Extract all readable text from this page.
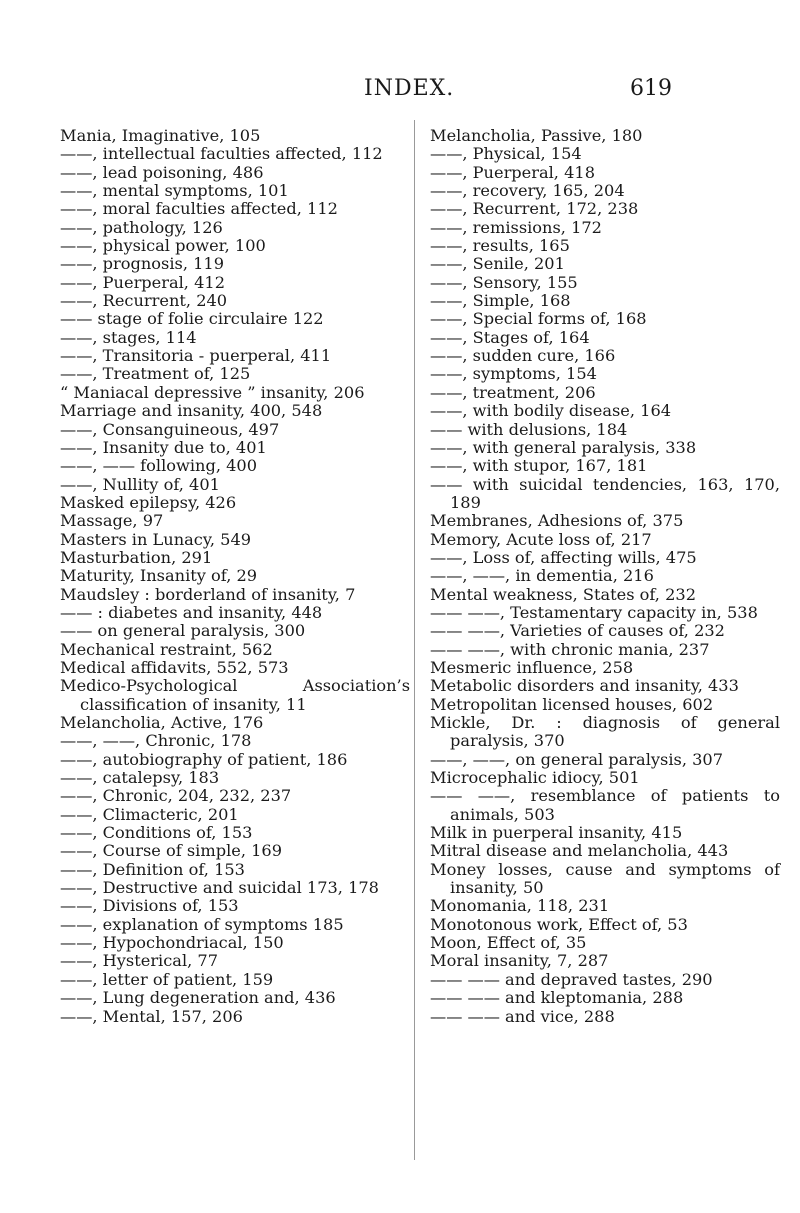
INDEX.	619
Mania, Imaginative, 105
——, intellectual faculties affected, 112
——, lead poisoning, 486
——, mental symptoms, 101
——, moral faculties affected, 112
——, pathology, 126
——, physical power, 100
——, prognosis, 119
——, Puerperal, 412
——, Recurrent, 240
—— stage of folie circulaire 122
——, stages, 114
——, Transitoria - puerperal, 411
——, Treatment of, 125
“ Maniacal depressive ” insanity, 206
Marriage and insanity, 400, 548
——, Consanguineous, 497
——, Insanity due to, 401
——, —— following, 400
——, Nullity of, 401
Masked epilepsy, 426
Massage, 97
Masters in Lunacy, 549
Masturbation, 291
Maturity, Insanity of, 29
Maudsley : borderland of insanity, 7
—— : diabetes and insanity, 448
—— on general paralysis, 300
Mechanical restraint, 562
Medical affidavits, 552, 573
Medico-Psychological Association’s classification of insanity, 11
Melancholia, Active, 176
——, ——, Chronic, 178
——, autobiography of patient, 186
——, catalepsy, 183
——, Chronic, 204, 232, 237
——, Climacteric, 201
——, Conditions of, 153
——, Course of simple, 169
——, Definition of, 153
——, Destructive and suicidal 173, 178
——, Divisions of, 153
——, explanation of symptoms 185
——, Hypochondriacal, 150
——, Hysterical, 77
——, letter of patient, 159
——, Lung degeneration and, 436
——, Mental, 157, 206
Melancholia, Passive, 180
——, Physical, 154
——, Puerperal, 418
——, recovery, 165, 204
——, Recurrent, 172, 238
——, remissions, 172
——, results, 165
——, Senile, 201
——, Sensory, 155
——, Simple, 168
——, Special forms of, 168
——, Stages of, 164
——, sudden cure, 166
——, symptoms, 154
——, treatment, 206
——, with bodily disease, 164
—— with delusions, 184
——, with general paralysis, 338
——, with stupor, 167, 181
—— with suicidal tendencies, 163, 170, 189
Membranes, Adhesions of, 375
Memory, Acute loss of, 217
——, Loss of, affecting wills, 475
——, ——, in dementia, 216
Mental weakness, States of, 232
—— ——, Testamentary capacity in, 538
—— ——, Varieties of causes of, 232
—— ——, with chronic mania, 237
Mesmeric influence, 258
Metabolic disorders and insanity, 433
Metropolitan licensed houses, 602
Mickle, Dr. : diagnosis of general paralysis, 370
——, ——, on general paralysis, 307
Microcephalic idiocy, 501
—— ——, resemblance of patients to animals, 503
Milk in puerperal insanity, 415
Mitral disease and melancholia, 443
Money losses, cause and symptoms of insanity, 50
Monomania, 118, 231
Monotonous work, Effect of, 53
Moon, Effect of, 35
Moral insanity, 7, 287
—— —— and depraved tastes, 290
—— —— and kleptomania, 288
—— —— and vice, 288
